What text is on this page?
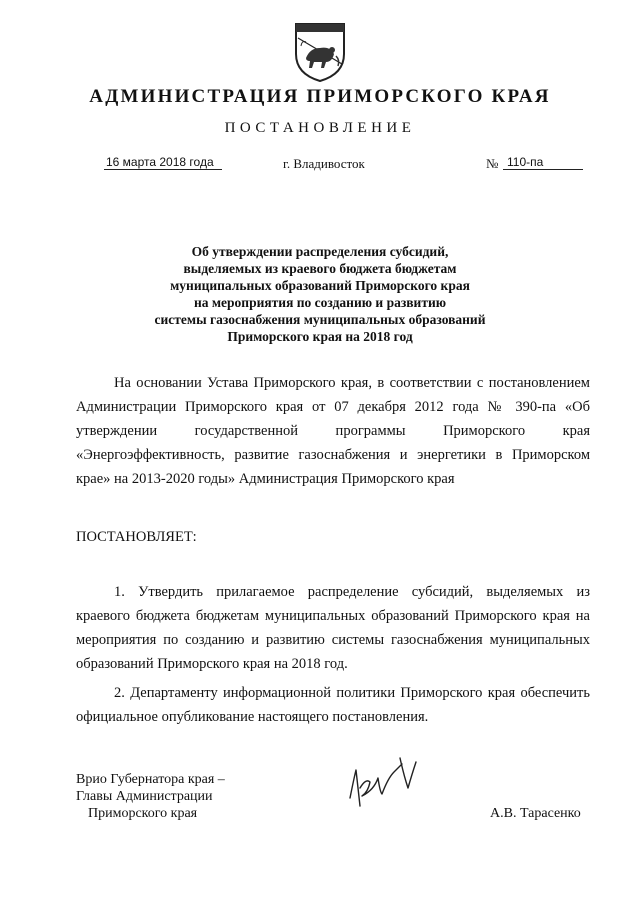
АДМИНИСТРАЦИЯ ПРИМОРСКОГО КРАЯ
ПОСТАНОВЛЕНИЕ
16 марта 2018 года	г. Владивосток	№ 110-па
Об утверждении распределения субсидий,
выделяемых из краевого бюджета бюджетам
муниципальных образований Приморского края
на мероприятия по созданию и развитию
системы газоснабжения муниципальных образований
Приморского края на 2018 год
На основании Устава Приморского края, в соответствии с постановлением Администрации Приморского края от 07 декабря 2012 года № 390-па «Об утверждении государственной программы Приморского края «Энергоэффективность, развитие газоснабжения и энергетики в Приморском крае» на 2013-2020 годы» Администрация Приморского края
ПОСТАНОВЛЯЕТ:
1. Утвердить прилагаемое распределение субсидий, выделяемых из краевого бюджета бюджетам муниципальных образований Приморского края на мероприятия по созданию и развитию системы газоснабжения муниципальных образований Приморского края на 2018 год.
2. Департаменту информационной политики Приморского края обеспечить официальное опубликование настоящего постановления.
Врио Губернатора края –
Главы Администрации
Приморского края	А.В. Тарасенко
